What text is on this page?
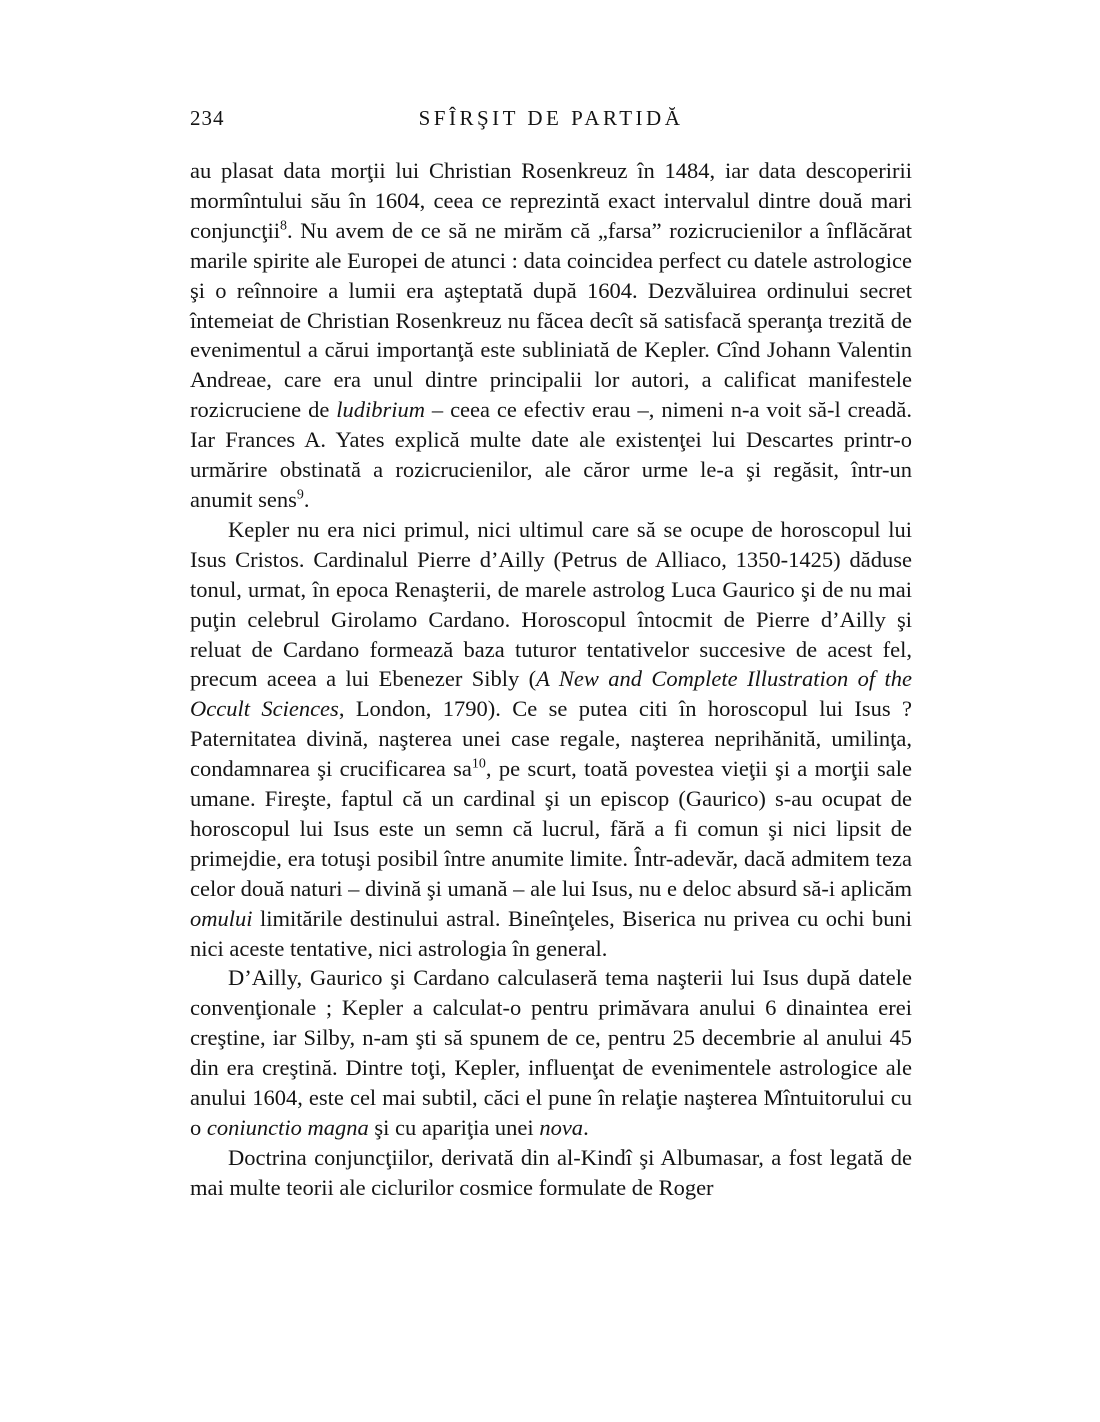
234	SFÎRŞIT DE PARTIDĂ

au plasat data morţii lui Christian Rosenkreuz în 1484, iar data descoperirii mormîntului său în 1604, ceea ce reprezintă exact intervalul dintre două mari conjuncţii$^8$. Nu avem de ce să ne mirăm că „farsa” rozicrucienilor a înflăcărat marile spirite ale Europei de atunci : data coincidea perfect cu datele astrologice şi o reînnoire a lumii era aşteptată după 1604. Dezvăluirea ordinului secret întemeiat de Christian Rosenkreuz nu făcea decît să satisfacă speranţa trezită de evenimentul a cărui importanţă este subliniată de Kepler. Cînd Johann Valentin Andreae, care era unul dintre principalii lor autori, a calificat manifestele rozicruciene de ludibrium – ceea ce efectiv erau –, nimeni n-a voit să-l creadă. Iar Frances A. Yates explică multe date ale existenţei lui Descartes printr-o urmărire obstinată a rozicrucienilor, ale căror urme le-a şi regăsit, într-un anumit sens$^9$.

Kepler nu era nici primul, nici ultimul care să se ocupe de horoscopul lui Isus Cristos. Cardinalul Pierre d’Ailly (Petrus de Alliaco, 1350-1425) dăduse tonul, urmat, în epoca Renaşterii, de marele astrolog Luca Gaurico şi de nu mai puţin celebrul Girolamo Cardano. Horoscopul întocmit de Pierre d’Ailly şi reluat de Cardano formează baza tuturor tentativelor succesive de acest fel, precum aceea a lui Ebenezer Sibly (A New and Complete Illustration of the Occult Sciences, London, 1790). Ce se putea citi în horoscopul lui Isus ? Paternitatea divină, naşterea unei case regale, naşterea neprihănită, umilinţa, condamnarea şi crucificarea $sa^{10}$, pe scurt, toată povestea vieţii şi a morţii sale umane. Fireşte, faptul că un cardinal şi un episcop (Gaurico) s-au ocupat de horoscopul lui Isus este un semn că lucrul, fără a fi comun şi nici lipsit de primejdie, era totuşi posibil între anumite limite. Într-adevăr, dacă admitem teza celor două naturi – divină şi umană – ale lui Isus, nu e deloc absurd să-i aplicăm omului limitările destinului astral. Bineînţeles, Biserica nu privea cu ochi buni nici aceste tentative, nici astrologia în general.

D’Ailly, Gaurico şi Cardano calculaseră tema naşterii lui Isus după datele convenţionale ; Kepler a calculat-o pentru primăvara anului 6 dinaintea erei creştine, iar Silby, n-am şti să spunem de ce, pentru 25 decembrie al anului 45 din era creştină. Dintre toţi, Kepler, influenţat de evenimentele astrologice ale anului 1604, este cel mai subtil, căci el pune în relaţie naşterea Mîntuitorului cu o coniunctio magna şi cu apariţia unei nova.

Doctrina conjuncţiilor, derivată din al-Kindî şi Albumasar, a fost legată de mai multe teorii ale ciclurilor cosmice formulate de Roger
